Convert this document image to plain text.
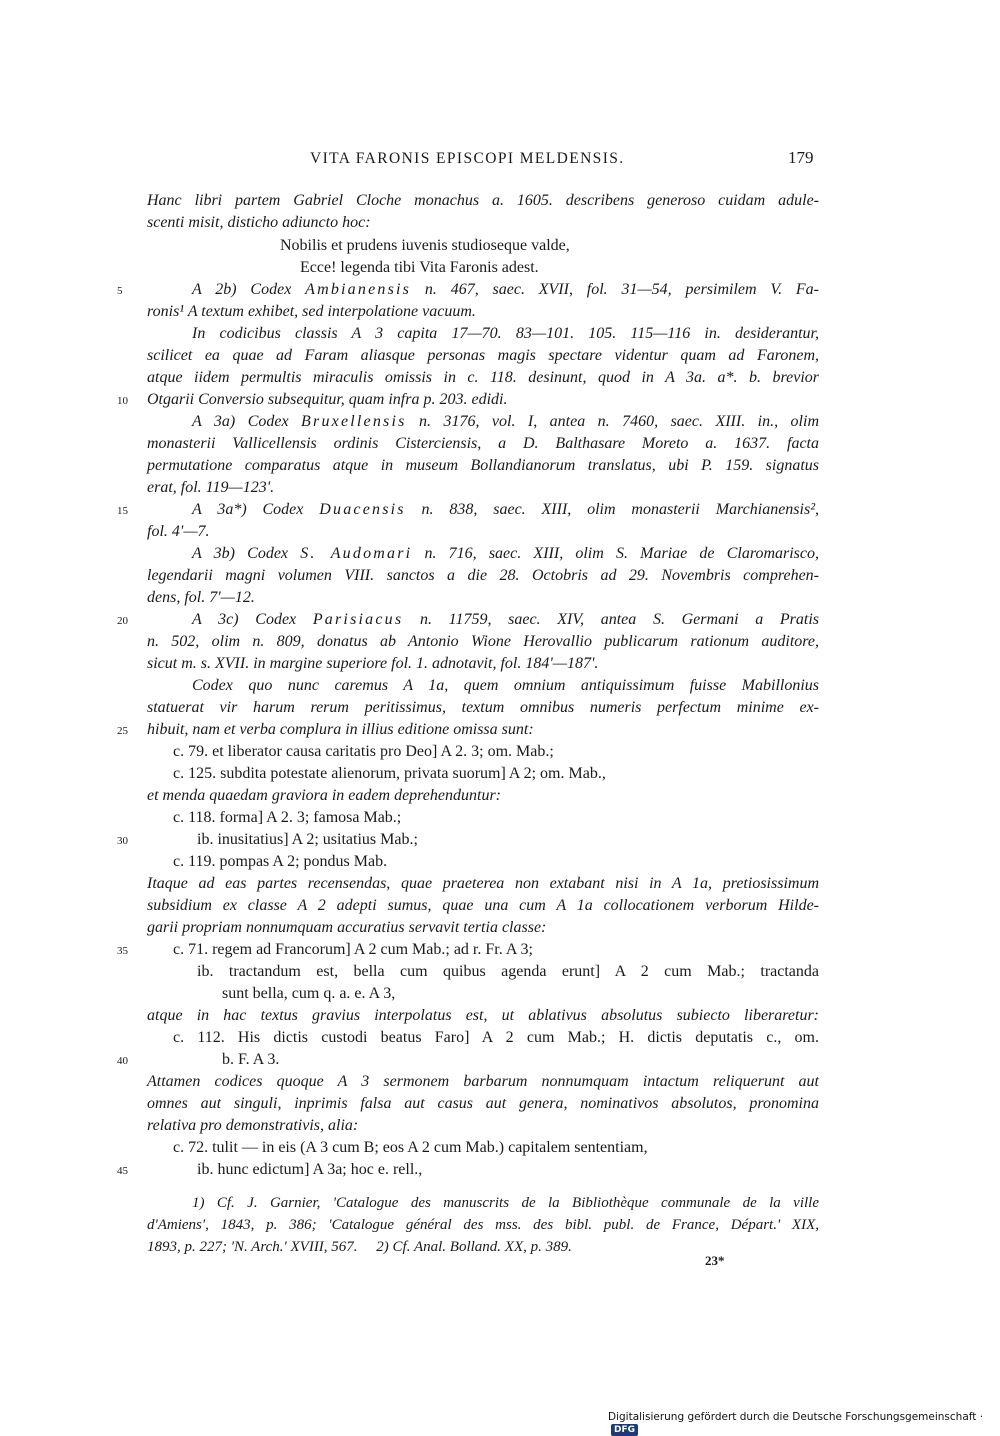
VITA FARONIS EPISCOPI MELDENSIS.	179
Hanc libri partem Gabriel Cloche monachus a. 1605. describens generoso cuidam adule-
scenti misit, disticho adiuncto hoc:
Nobilis et prudens iuvenis studioseque valde,
Ecce! legenda tibi Vita Faronis adest.
A 2b) Codex Ambianensis n. 467, saec. XVII, fol. 31—54, persimilem V. Fa-
ronis¹ A textum exhibet, sed interpolatione vacuum.
In codicibus classis A 3 capita 17—70. 83—101. 105. 115—116 in. desiderantur,
scilicet ea quae ad Faram aliasque personas magis spectare videntur quam ad Faronem,
atque iidem permultis miraculis omissis in c. 118. desinunt, quod in A 3a. a*. b. brevior
Otgarii Conversio subsequitur, quam infra p. 203. edidi.
A 3a) Codex Bruxellensis n. 3176, vol. I, antea n. 7460, saec. XIII. in., olim
monasterii Vallicellensis ordinis Cisterciensis, a D. Balthasare Moreto a. 1637. facta
permutatione comparatus atque in museum Bollandianorum translatus, ubi P. 159. signatus
erat, fol. 119—123'.
A 3a*) Codex Duacensis n. 838, saec. XIII, olim monasterii Marchianensis²,
fol. 4'—7.
A 3b) Codex S. Audomari n. 716, saec. XIII, olim S. Mariae de Claromarisco,
legendarii magni volumen VIII. sanctos a die 28. Octobris ad 29. Novembris comprehen-
dens, fol. 7'—12.
A 3c) Codex Parisiacus n. 11759, saec. XIV, antea S. Germani a Pratis
n. 502, olim n. 809, donatus ab Antonio Wione Herovallio publicarum rationum auditore,
sicut m. s. XVII. in margine superiore fol. 1. adnotavit, fol. 184'—187'.
Codex quo nunc caremus A 1a, quem omnium antiquissimum fuisse Mabillonius
statuerat vir harum rerum peritissimus, textum omnibus numeris perfectum minime ex-
hibuit, nam et verba complura in illius editione omissa sunt:
c. 79. et liberator causa caritatis pro Deo] A 2. 3; om. Mab.;
c. 125. subdita potestate alienorum, privata suorum] A 2; om. Mab.,
et menda quaedam graviora in eadem deprehenduntur:
c. 118. forma] A 2. 3; famosa Mab.;
ib. inusitatius] A 2; usitatius Mab.;
c. 119. pompas A 2; pondus Mab.
Itaque ad eas partes recensendas, quae praeterea non extabant nisi in A 1a, pretiosissimum
subsidium ex classe A 2 adepti sumus, quae una cum A 1a collocationem verborum Hilde-
garii propriam nonnumquam accuratius servavit tertia classe:
c. 71. regem ad Francorum] A 2 cum Mab.; ad r. Fr. A 3;
ib. tractandum est, bella cum quibus agenda erunt] A 2 cum Mab.; tractanda
sunt bella, cum q. a. e. A 3,
atque in hac textus gravius interpolatus est, ut ablativus absolutus subiecto liberaretur:
c. 112. His dictis custodi beatus Faro] A 2 cum Mab.; H. dictis deputatis c., om.
b. F. A 3.
Attamen codices quoque A 3 sermonem barbarum nonnumquam intactum reliquerunt aut
omnes aut singuli, inprimis falsa aut casus aut genera, nominativos absolutos, pronomina
relativa pro demonstrativis, alia:
c. 72. tulit — in eis (A 3 cum B; eos A 2 cum Mab.) capitalem sententiam,
ib. hunc edictum] A 3a; hoc e. rell.,
5
10
15
20
25
30
35
40
45
1) Cf. J. Garnier, 'Catalogue des manuscrits de la Bibliothèque communale de la ville
d'Amiens', 1843, p. 386; 'Catalogue général des mss. des bibl. publ. de France, Départ.' XIX,
1893, p. 227; 'N. Arch.' XVIII, 567.     2) Cf. Anal. Bolland. XX, p. 389.
23*
Digitalisierung gefördert durch die Deutsche Forschungsgemeinschaft ·DFG
